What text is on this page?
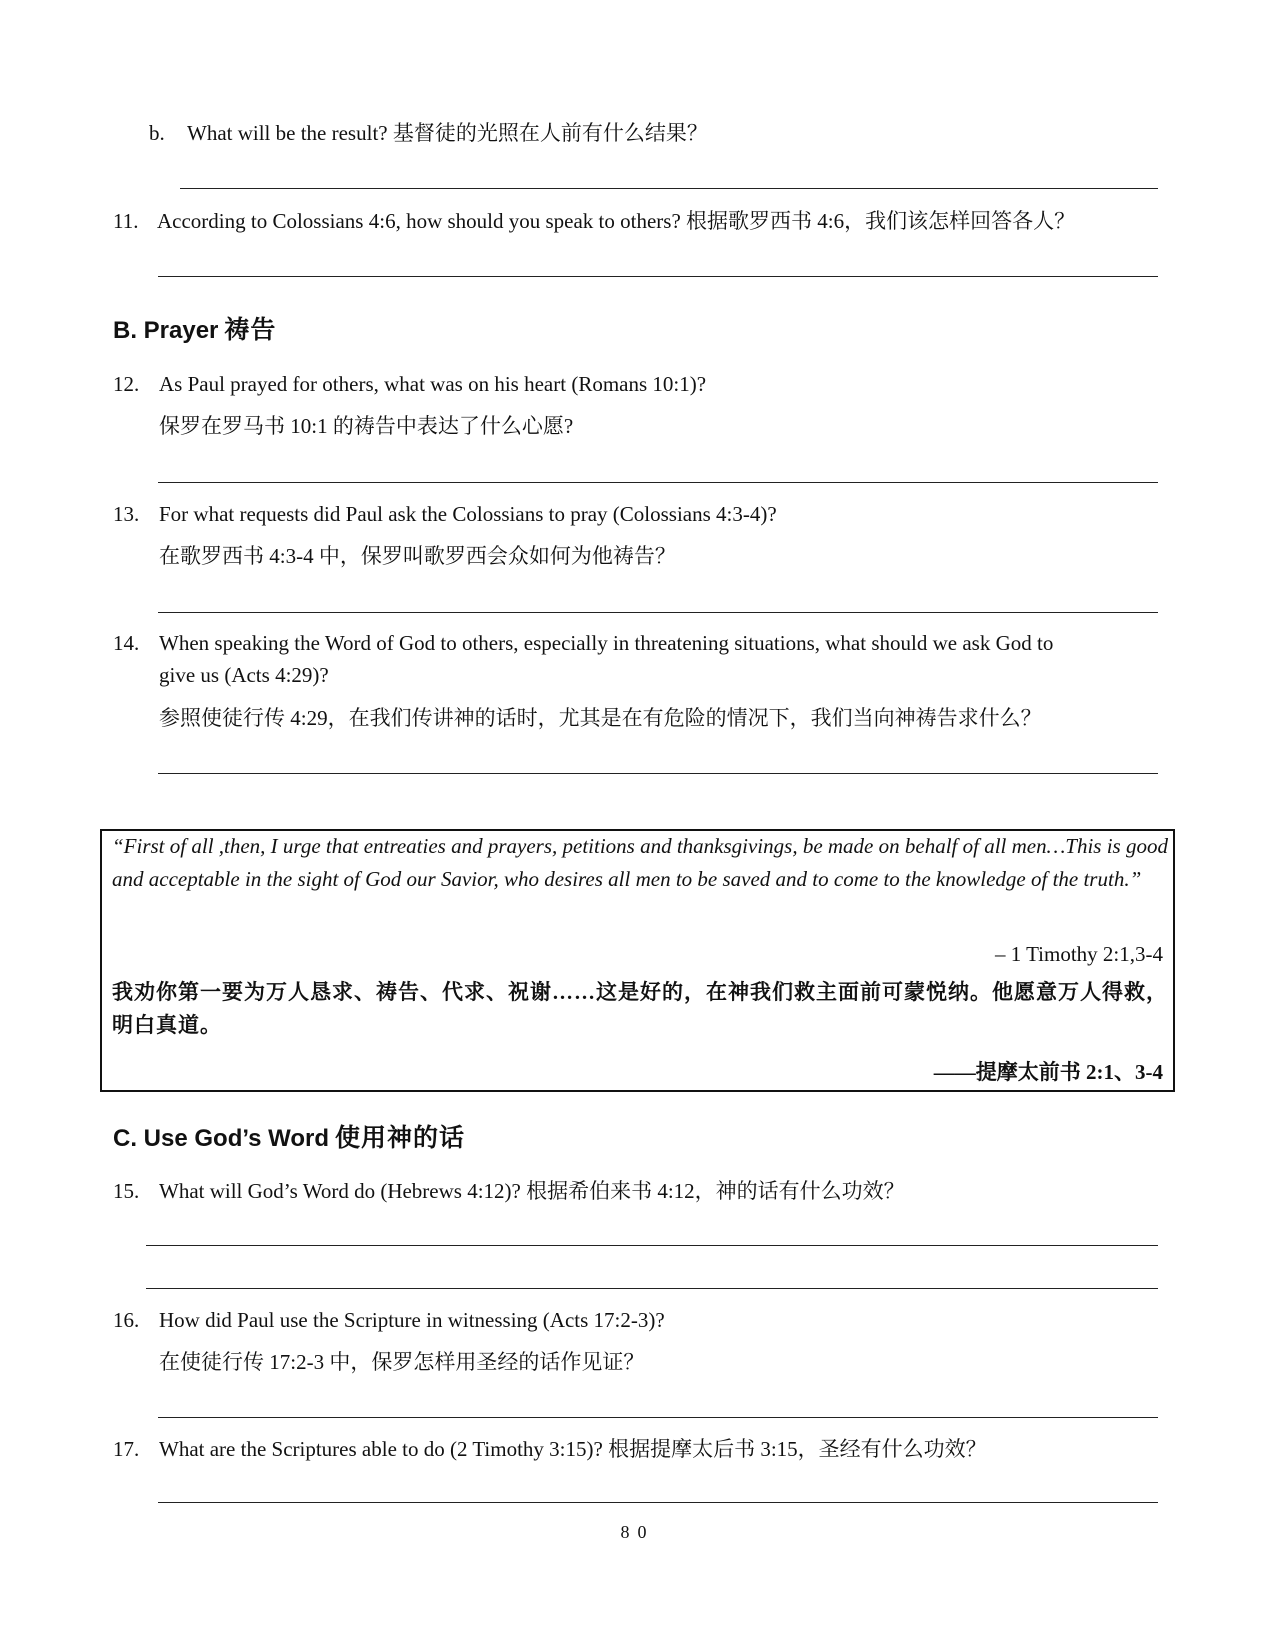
b. What will be the result? 基督徒的光照在人前有什么结果？
11. According to Colossians 4:6, how should you speak to others? 根据歌罗西书 4:6，我们该怎样回答各人？
B. Prayer 祷告
12. As Paul prayed for others, what was on his heart (Romans 10:1)?
保罗在罗马书 10:1 的祷告中表达了什么心愿?
13. For what requests did Paul ask the Colossians to pray (Colossians 4:3-4)?
在歌罗西书 4:3-4 中，保罗叫歌罗西会众如何为他祷告？
14. When speaking the Word of God to others, especially in threatening situations, what should we ask God to
give us (Acts 4:29)?
参照使徒行传 4:29，在我们传讲神的话时，尤其是在有危险的情况下，我们当向神祷告求什么？
“First of all ,then, I urge that entreaties and prayers, petitions and thanksgivings, be made on behalf of all men…This is good and acceptable in the sight of God our Savior, who desires all men to be saved and to come to the knowledge of the truth.”
– 1 Timothy 2:1,3-4
我劝你第一要为万人恳求、祷告、代求、祝谢……这是好的，在神我们救主面前可蒙悦纳。他愿意万人得救，明白真道。
——提摩太前书 2:1、3-4
C. Use God’s Word 使用神的话
15. What will God’s Word do (Hebrews 4:12)? 根据希伯来书 4:12，神的话有什么功效？
16. How did Paul use the Scripture in witnessing (Acts 17:2-3)?
在使徒行传 17:2-3 中，保罗怎样用圣经的话作见证？
17. What are the Scriptures able to do (2 Timothy 3:15)? 根据提摩太后书 3:15，圣经有什么功效？
80
